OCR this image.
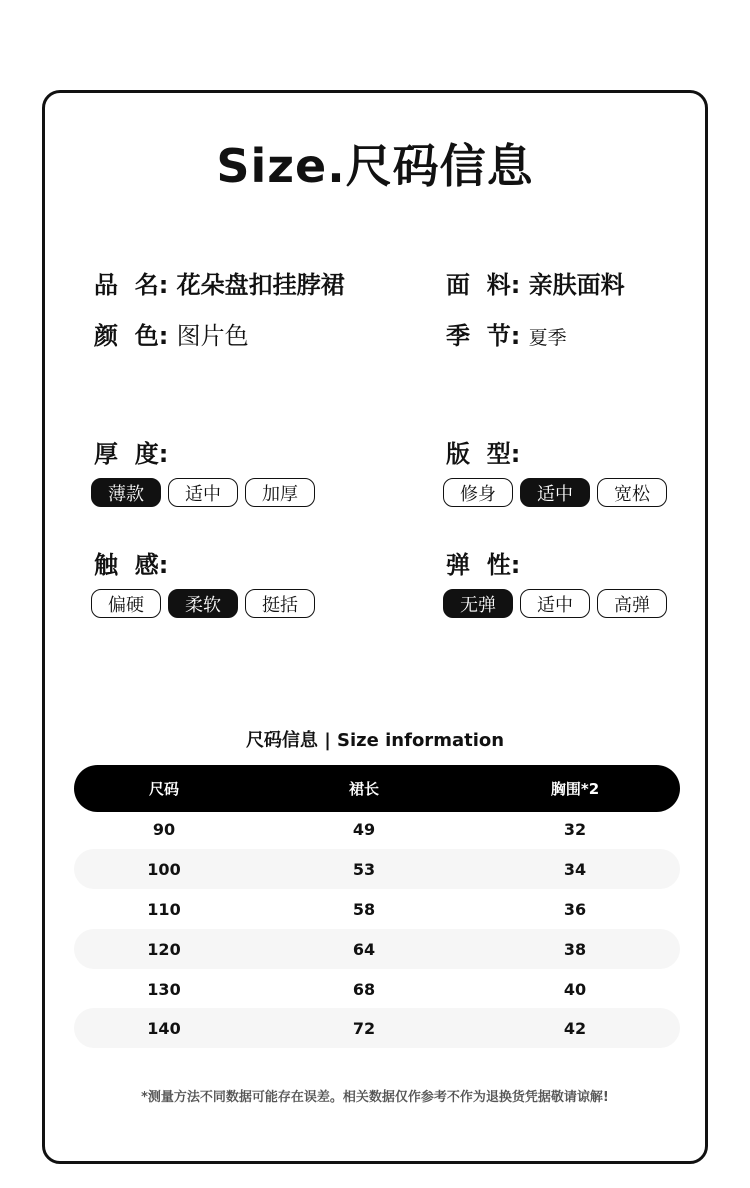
Size.尺码信息
品  名: 花朵盘扣挂脖裙	面  料: 亲肤面料
颜  色: 图片色	季  节: 夏季
厚  度:
薄款	适中	加厚
版  型:
修身	适中	宽松
触  感:
偏硬	柔软	挺括
弹  性:
无弹	适中	高弹
尺码信息 | Size information
尺码	裙长	胸围*2
90	49	32
100	53	34
110	58	36
120	64	38
130	68	40
140	72	42
*测量方法不同数据可能存在误差。相关数据仅作参考不作为退换货凭据敬请谅解!
